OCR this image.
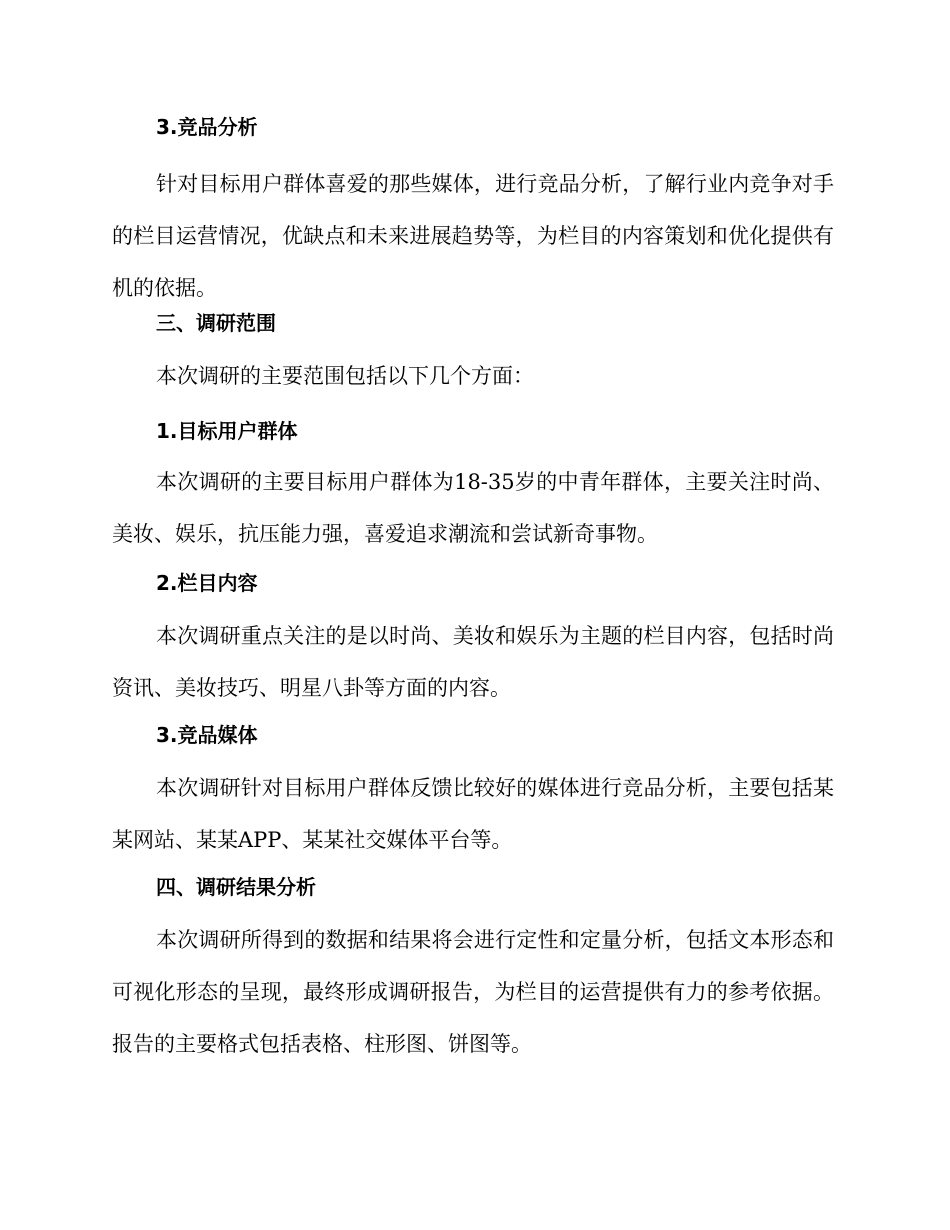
3.竞品分析

针对目标用户群体喜爱的那些媒体，进行竞品分析，了解行业内竞争对手的栏目运营情况，优缺点和未来进展趋势等，为栏目的内容策划和优化提供有机的依据。

三、调研范围

本次调研的主要范围包括以下几个方面：

1.目标用户群体

本次调研的主要目标用户群体为18-35岁的中青年群体，主要关注时尚、美妆、娱乐，抗压能力强，喜爱追求潮流和尝试新奇事物。

2.栏目内容

本次调研重点关注的是以时尚、美妆和娱乐为主题的栏目内容，包括时尚资讯、美妆技巧、明星八卦等方面的内容。

3.竞品媒体

本次调研针对目标用户群体反馈比较好的媒体进行竞品分析，主要包括某某网站、某某APP、某某社交媒体平台等。

四、调研结果分析

本次调研所得到的数据和结果将会进行定性和定量分析，包括文本形态和可视化形态的呈现，最终形成调研报告，为栏目的运营提供有力的参考依据。报告的主要格式包括表格、柱形图、饼图等。
